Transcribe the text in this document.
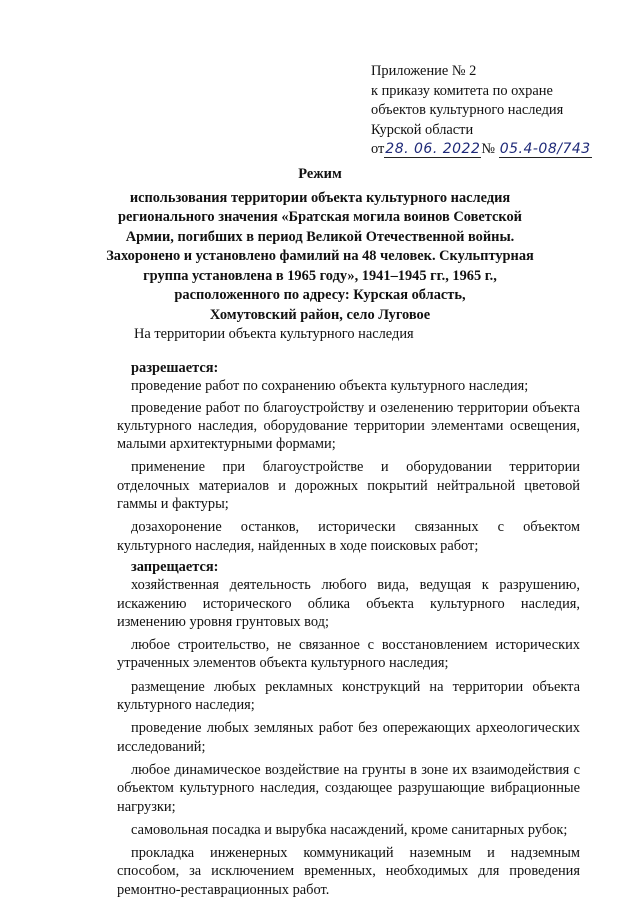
Приложение № 2
к приказу комитета по охране
объектов культурного наследия
Курской области
от28. 06. 2022№ 05.4-08/743
Режим
использования территории объекта культурного наследия
регионального значения «Братская могила воинов Советской
Армии, погибших в период Великой Отечественной войны.
Захоронено и установлено фамилий на 48 человек. Скульптурная
группа установлена в 1965 году», 1941–1945 гг., 1965 г.,
расположенного по адресу: Курская область,
Хомутовский район, село Луговое
На территории объекта культурного наследия
разрешается:

проведение работ по сохранению объекта культурного наследия;

проведение работ по благоустройству и озеленению территории объекта культурного наследия, оборудование территории элементами освещения, малыми архитектурными формами;

применение при благоустройстве и оборудовании территории отделочных материалов и дорожных покрытий нейтральной цветовой гаммы и фактуры;

дозахоронение останков, исторически связанных с объектом культурного наследия, найденных в ходе поисковых работ;

запрещается:

хозяйственная деятельность любого вида, ведущая к разрушению, искажению исторического облика объекта культурного наследия, изменению уровня грунтовых вод;

любое строительство, не связанное с восстановлением исторических утраченных элементов объекта культурного наследия;

размещение любых рекламных конструкций на территории объекта культурного наследия;

проведение любых земляных работ без опережающих археологических исследований;

любое динамическое воздействие на грунты в зоне их взаимодействия с объектом культурного наследия, создающее разрушающие вибрационные нагрузки;

самовольная посадка и вырубка насаждений, кроме санитарных рубок;

прокладка инженерных коммуникаций наземным и надземным способом, за исключением временных, необходимых для проведения ремонтно-реставрационных работ.
